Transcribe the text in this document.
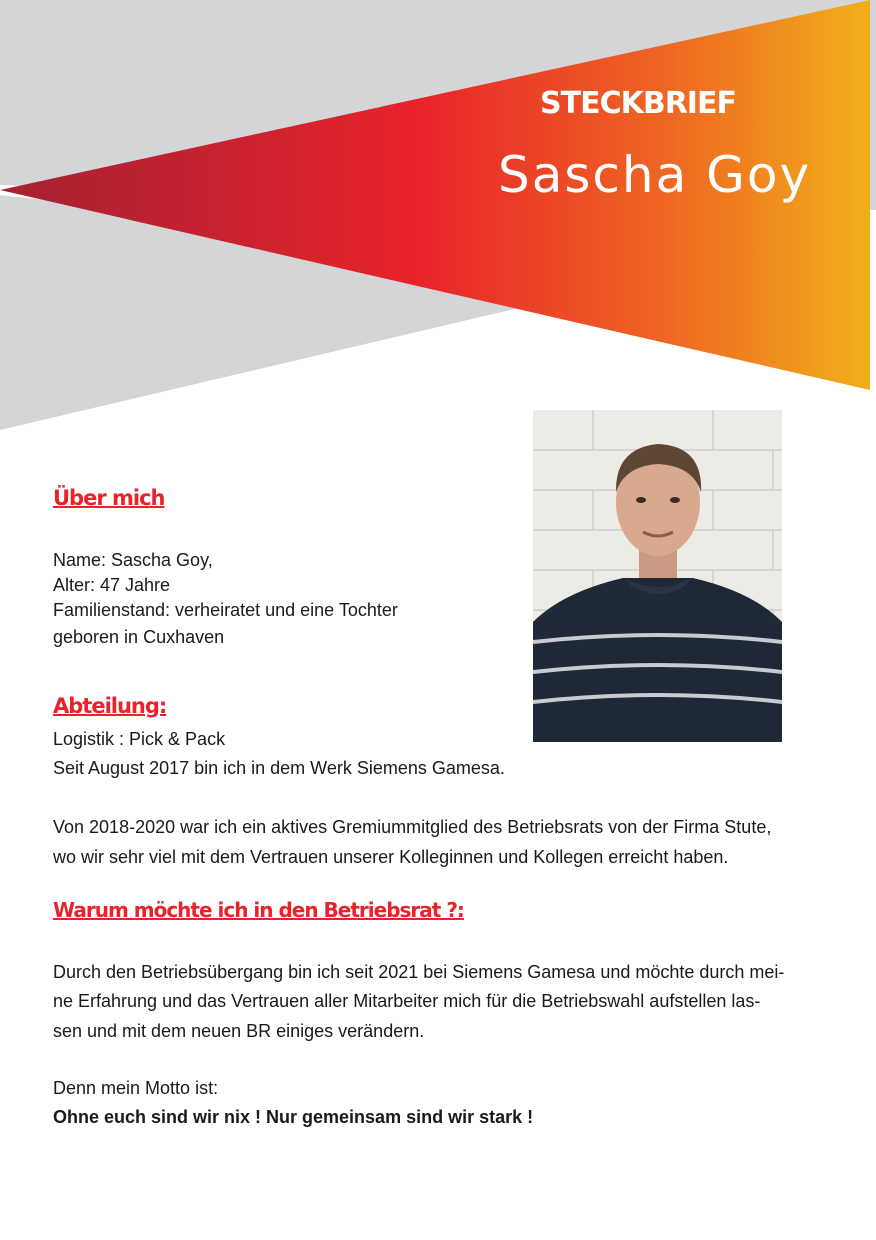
STECKBRIEF
Sascha Goy
Über mich

Name: Sascha Goy,

Alter: 47 Jahre

Familienstand: verheiratet und eine Tochter

geboren in Cuxhaven

Abteilung:

Logistik : Pick & Pack

Seit August 2017 bin ich in dem Werk Siemens Gamesa.

Von 2018-2020 war ich ein aktives Gremiummitglied des Betriebsrats von der Firma Stute,

wo wir sehr viel mit dem Vertrauen unserer Kolleginnen und Kollegen erreicht haben.

Warum möchte ich in den Betriebsrat ?:

Durch den Betriebsübergang bin ich seit 2021 bei Siemens Gamesa und möchte durch mei-

ne Erfahrung und das Vertrauen aller Mitarbeiter mich für die Betriebswahl aufstellen las-

sen und mit dem neuen BR einiges verändern.

Denn mein Motto ist:

Ohne euch sind wir nix ! Nur gemeinsam sind wir stark !
